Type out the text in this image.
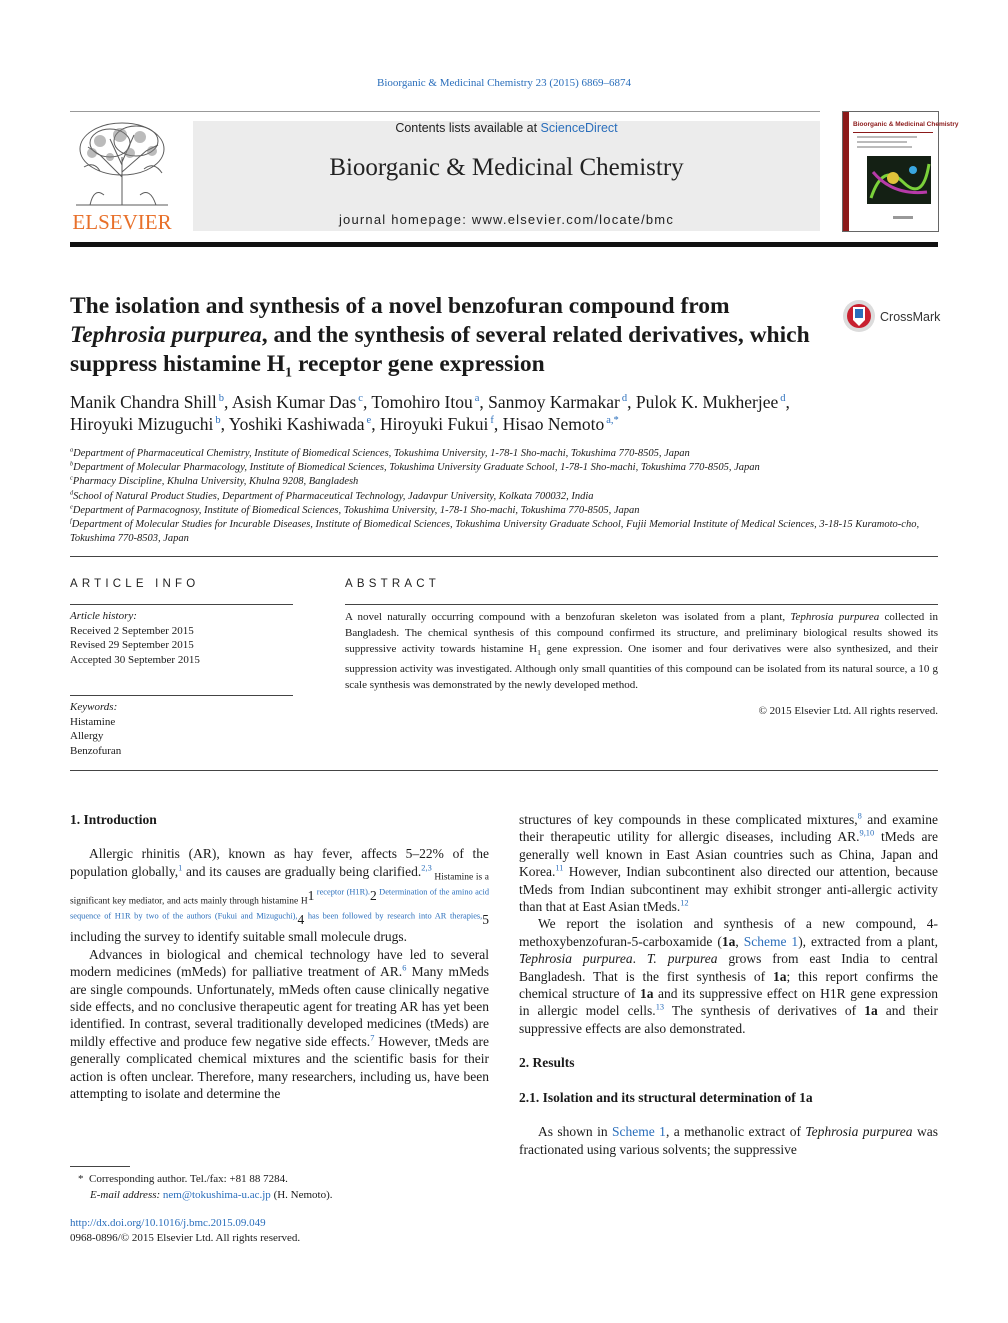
Bioorganic & Medicinal Chemistry 23 (2015) 6869–6874
ELSEVIER
Contents lists available at ScienceDirect
Bioorganic & Medicinal Chemistry
journal homepage: www.elsevier.com/locate/bmc
Bioorganic & Medicinal Chemistry
The isolation and synthesis of a novel benzofuran compound from Tephrosia purpurea, and the synthesis of several related derivatives, which suppress histamine $H_1$ receptor gene expression
CrossMark
Manik Chandra Shill $^b$, Asish Kumar Das $^c$, Tomohiro Itou $^a$, Sanmoy Karmakar $^d$, Pulok K. Mukherjee $^d$,
Hiroyuki Mizuguchi $^b$, Yoshiki Kashiwada $^e$, Hiroyuki Fukui $^f$, Hisao Nemoto $^{a,*}$
$^a$Department of Pharmaceutical Chemistry, Institute of Biomedical Sciences, Tokushima University, 1-78-1 Sho-machi, Tokushima 770-8505, Japan
$^b$Department of Molecular Pharmacology, Institute of Biomedical Sciences, Tokushima University Graduate School, 1-78-1 Sho-machi, Tokushima 770-8505, Japan
$^c$Pharmacy Discipline, Khulna University, Khulna 9208, Bangladesh
$^d$School of Natural Product Studies, Department of Pharmaceutical Technology, Jadavpur University, Kolkata 700032, India
$^e$Department of Parmacognosy, Institute of Biomedical Sciences, Tokushima University, 1-78-1 Sho-machi, Tokushima 770-8505, Japan
$^f$Department of Molecular Studies for Incurable Diseases, Institute of Biomedical Sciences, Tokushima University Graduate School, Fujii Memorial Institute of Medical Sciences, 3-18-15 Kuramoto-cho, Tokushima 770-8503, Japan
ARTICLE INFO	ABSTRACT
Article history:
Received 2 September 2015
Revised 29 September 2015
Accepted 30 September 2015
Keywords:
Histamine
Allergy
Benzofuran
A novel naturally occurring compound with a benzofuran skeleton was isolated from a plant, Tephrosia purpurea collected in Bangladesh. The chemical synthesis of this compound confirmed its structure, and preliminary biological results showed its suppressive activity towards histamine $H_1$ gene expression. One isomer and four derivatives were also synthesized, and their suppression activity was investigated. Although only small quantities of this compound can be isolated from its natural source, a 10 g scale synthesis was demonstrated by the newly developed method.
© 2015 Elsevier Ltd. All rights reserved.
1. Introduction

Allergic rhinitis (AR), known as hay fever, affects 5–22% of the population globally,$^1$ and its causes are gradually being clarified.$^{2,3}$ $_{Histamine is a significant key mediator, and acts mainly through histamine H}$1 $^{receptor (H1R).}$2 $^{Determination of the amino acid sequence of H1R by two of the authors (Fukui and Mizuguchi),}$4 $^{has been followed by research into AR therapies,}$5 including the survey to identify suitable small molecule drugs.

Advances in biological and chemical technology have led to several modern medicines (mMeds) for palliative treatment of AR.$^6$ Many mMeds are single compounds. Unfortunately, mMeds often cause clinically negative side effects, and no conclusive therapeutic agent for treating AR has yet been identified. In contrast, several traditionally developed medicines (tMeds) are mildly effective and produce few negative side effects.$^7$ However, tMeds are generally complicated chemical mixtures and the scientific basis for their action is often unclear. Therefore, many researchers, including us, have been attempting to isolate and determine the

structures of key compounds in these complicated mixtures,$^8$ and examine their therapeutic utility for allergic diseases, including AR.$^{9,10}$ tMeds are generally well known in East Asian countries such as China, Japan and Korea.$^{11}$ However, Indian subcontinent also directed our attention, because tMeds from Indian subcontinent may exhibit stronger anti-allergic activity than that at East Asian tMeds.$^{12}$

We report the isolation and synthesis of a new compound, 4-methoxybenzofuran-5-carboxamide (1a, Scheme 1), extracted from a plant, Tephrosia purpurea. T. purpurea grows from east India to central Bangladesh. That is the first synthesis of 1a; this report confirms the chemical structure of 1a and its suppressive effect on H1R gene expression in allergic model cells.$^{13}$ The synthesis of derivatives of 1a and their suppressive effects are also demonstrated.

2. Results
2.1. Isolation and its structural determination of 1a

As shown in Scheme 1, a methanolic extract of Tephrosia purpurea was fractionated using various solvents; the suppressive

* Corresponding author. Tel./fax: +81 88 7284.
E-mail address: nem@tokushima-u.ac.jp (H. Nemoto).
http://dx.doi.org/10.1016/j.bmc.2015.09.049
0968-0896/© 2015 Elsevier Ltd. All rights reserved.
